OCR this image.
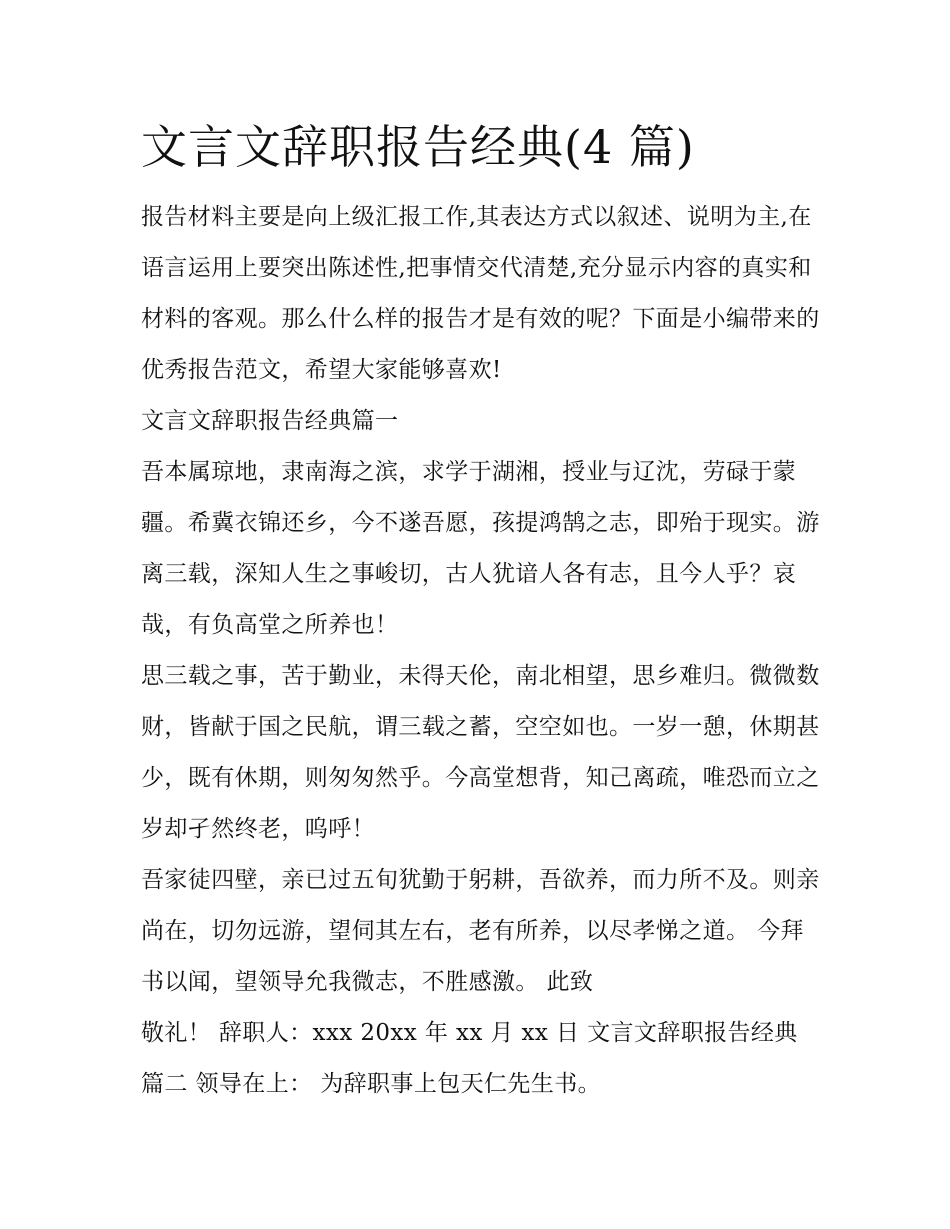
文言文辞职报告经典(4 篇)

报告材料主要是向上级汇报工作,其表达方式以叙述、说明为主,在语言运用上要突出陈述性,把事情交代清楚,充分显示内容的真实和材料的客观。那么什么样的报告才是有效的呢？下面是小编带来的优秀报告范文，希望大家能够喜欢!

文言文辞职报告经典篇一

吾本属琼地，隶南海之滨，求学于湖湘，授业与辽沈，劳碌于蒙疆。希冀衣锦还乡，今不遂吾愿，孩提鸿鹄之志，即殆于现实。游离三载，深知人生之事峻切，古人犹谙人各有志，且今人乎？哀哉，有负高堂之所养也！

思三载之事，苦于勤业，未得天伦，南北相望，思乡难归。微微数财，皆献于国之民航，谓三载之蓄，空空如也。一岁一憩，休期甚少，既有休期，则匆匆然乎。今高堂想背，知己离疏，唯恐而立之岁却孑然终老，呜呼！

吾家徒四壁，亲已过五旬犹勤于躬耕，吾欲养，而力所不及。则亲尚在，切勿远游，望伺其左右，老有所养，以尽孝悌之道。 今拜书以闻，望领导允我微志，不胜感激。 此致

敬礼！ 辞职人：xxx 20xx 年 xx 月 xx 日 文言文辞职报告经典篇二 领导在上： 为辞职事上包天仁先生书。
